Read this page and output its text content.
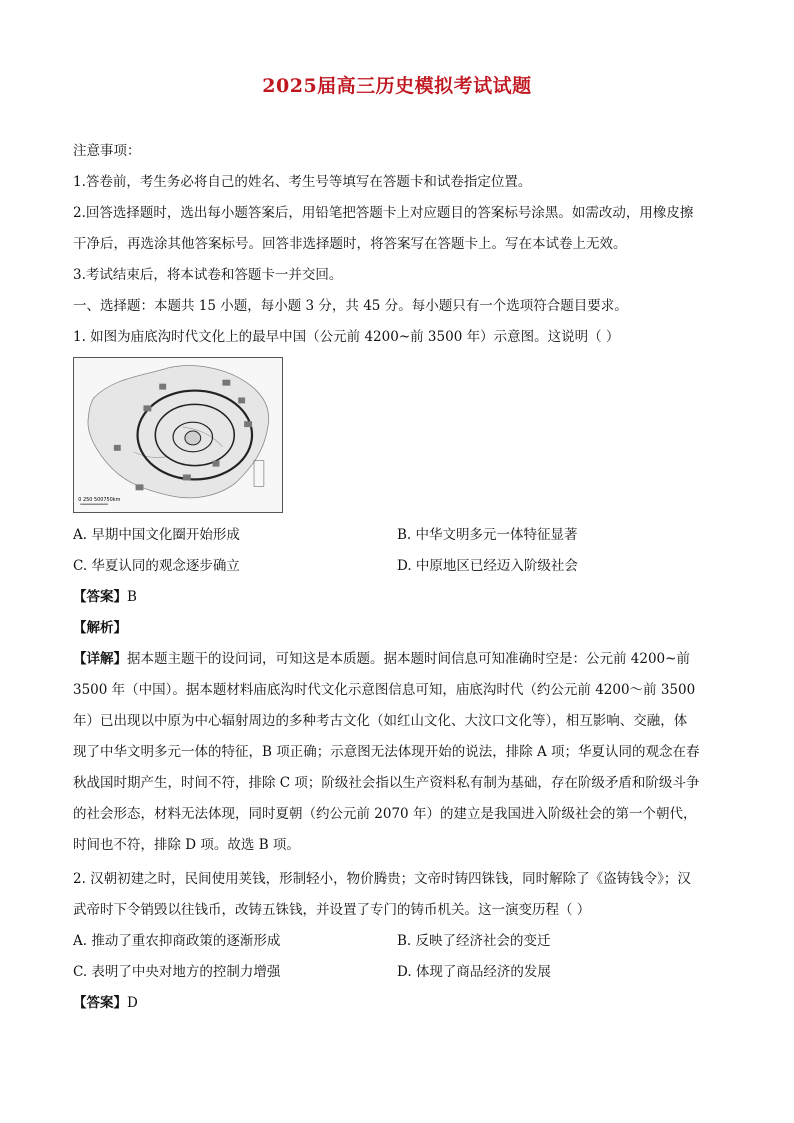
2025届高三历史模拟考试试题
注意事项：
1.答卷前，考生务必将自己的姓名、考生号等填写在答题卡和试卷指定位置。
2.回答选择题时，选出每小题答案后，用铅笔把答题卡上对应题目的答案标号涂黑。如需改动，用橡皮擦
干净后，再选涂其他答案标号。回答非选择题时，将答案写在答题卡上。写在本试卷上无效。
3.考试结束后，将本试卷和答题卡一并交回。
一、选择题：本题共 15 小题，每小题 3 分，共 45 分。每小题只有一个选项符合题目要求。
1. 如图为庙底沟时代文化上的最早中国（公元前 4200~前 3500 年）示意图。这说明（ ）
0 250 500750km
A. 早期中国文化圈开始形成	B. 中华文明多元一体特征显著
C. 华夏认同的观念逐步确立	D. 中原地区已经迈入阶级社会
【答案】B
【解析】
【详解】据本题主题干的设问词，可知这是本质题。据本题时间信息可知准确时空是：公元前 4200~前
3500 年（中国）。据本题材料庙底沟时代文化示意图信息可知，庙底沟时代（约公元前 4200～前 3500
年）已出现以中原为中心辐射周边的多种考古文化（如红山文化、大汶口文化等），相互影响、交融，体
现了中华文明多元一体的特征，B 项正确；示意图无法体现开始的说法，排除 A 项；华夏认同的观念在春
秋战国时期产生，时间不符，排除 C 项；阶级社会指以生产资料私有制为基础，存在阶级矛盾和阶级斗争
的社会形态，材料无法体现，同时夏朝（约公元前 2070 年）的建立是我国进入阶级社会的第一个朝代，
时间也不符，排除 D 项。故选 B 项。
2. 汉朝初建之时，民间使用荚钱，形制轻小，物价腾贵；文帝时铸四铢钱，同时解除了《盗铸钱令》；汉
武帝时下令销毁以往钱币，改铸五铢钱，并设置了专门的铸币机关。这一演变历程（ ）
A. 推动了重农抑商政策的逐渐形成	B. 反映了经济社会的变迁
C. 表明了中央对地方的控制力增强	D. 体现了商品经济的发展
【答案】D
